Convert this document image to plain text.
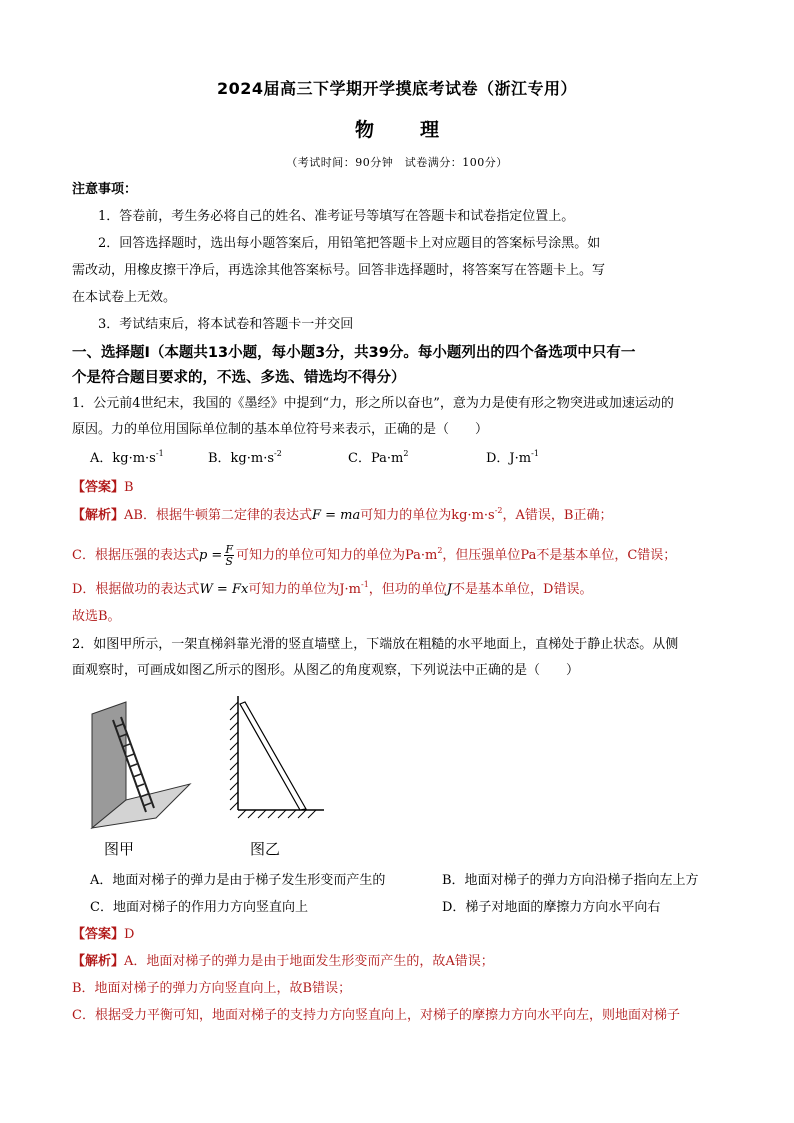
2024届高三下学期开学摸底考试卷（浙江专用）
物 理
（考试时间：90分钟　试卷满分：100分）
注意事项：
1．答卷前，考生务必将自己的姓名、准考证号等填写在答题卡和试卷指定位置上。
2．回答选择题时，选出每小题答案后，用铅笔把答题卡上对应题目的答案标号涂黑。如
需改动，用橡皮擦干净后，再选涂其他答案标号。回答非选择题时，将答案写在答题卡上。写
在本试卷上无效。
3．考试结束后，将本试卷和答题卡一并交回
一、选择题Ⅰ（本题共13小题，每小题3分，共39分。每小题列出的四个备选项中只有一
个是符合题目要求的，不选、多选、错选均不得分）
1．公元前4世纪末，我国的《墨经》中提到“力，形之所以奋也”，意为力是使有形之物突进或加速运动的
原因。力的单位用国际单位制的基本单位符号来表示，正确的是（　　）
A．$kg\cdot m\cdot s^{-1}$	B．$kg\cdot m\cdot s^{-2}$	C．$Pa\cdot m^2$	D．$J\cdot m^{-1}$
【答案】B
【解析】AB．根据牛顿第二定律的表达式F = ma可知力的单位为$kg\cdot m\cdot s^{-2}$，A错误，B正确；
C．根据压强的表达式$p = \frac{F}{S}$ 可知力的单位可知力的单位为$Pa\cdot m^2$，但压强单位Pa不是基本单位，C错误；
D．根据做功的表达式W = Fx可知力的单位为$J\cdot m^{-1}$，但功的单位J不是基本单位，D错误。
故选B。
2．如图甲所示，一架直梯斜靠光滑的竖直墙壁上，下端放在粗糙的水平地面上，直梯处于静止状态。从侧
面观察时，可画成如图乙所示的图形。从图乙的角度观察，下列说法中正确的是（　　）
图甲	图乙
A．地面对梯子的弹力是由于梯子发生形变而产生的	B．地面对梯子的弹力方向沿梯子指向左上方
C．地面对梯子的作用力方向竖直向上	D．梯子对地面的摩擦力方向水平向右
【答案】D
【解析】A．地面对梯子的弹力是由于地面发生形变而产生的，故A错误；
B．地面对梯子的弹力方向竖直向上，故B错误；
C．根据受力平衡可知，地面对梯子的支持力方向竖直向上，对梯子的摩擦力方向水平向左，则地面对梯子
